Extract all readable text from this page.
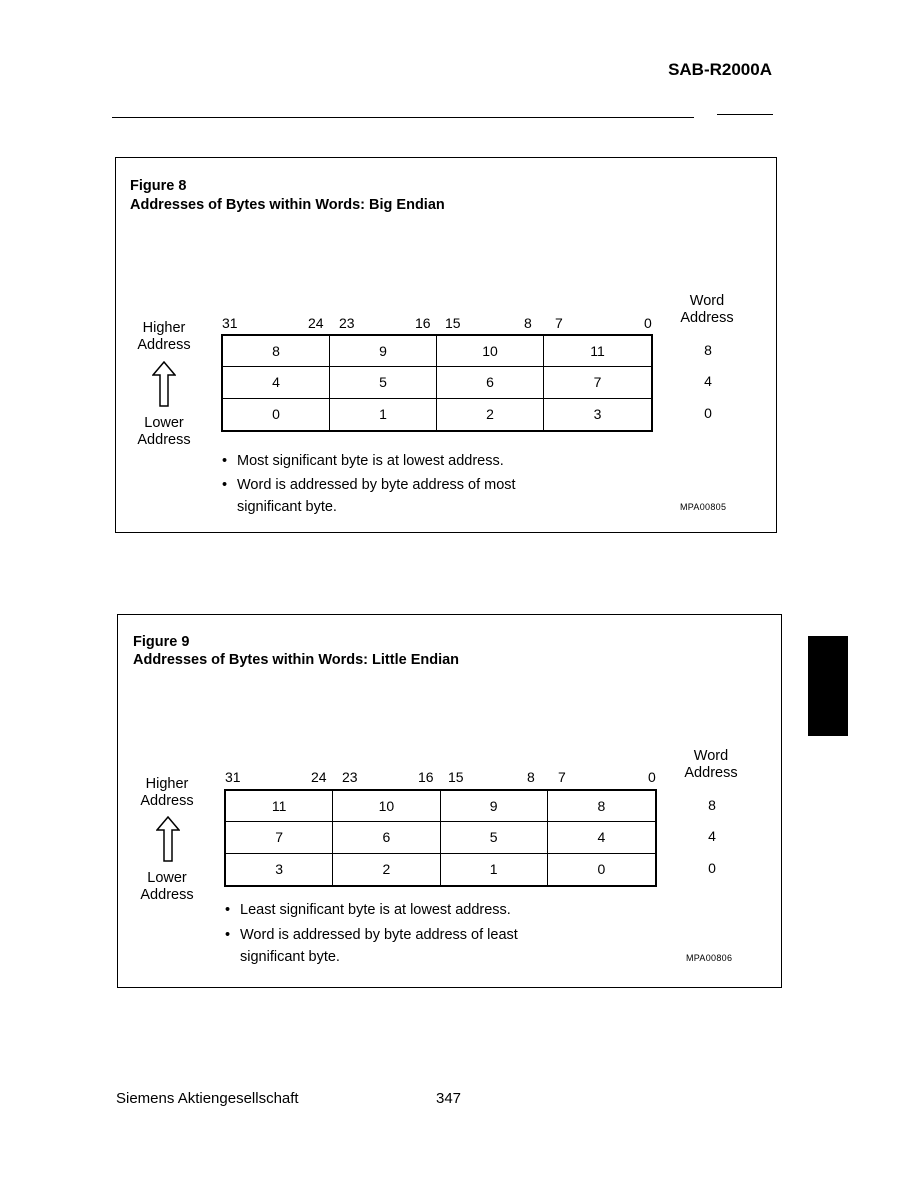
SAB-R2000A
Figure 8
Addresses of Bytes within Words: Big Endian
Higher
Address
Lower
Address
31	24 23	16 15	8 7	0
Word
Address
8	9	10	11
4	5	6	7
0	1	2	3
8
4
0
• Most significant byte is at lowest address.
• Word is addressed by byte address of most
significant byte.	MPA00805
Figure 9
Addresses of Bytes within Words: Little Endian
Higher
Address
Lower
Address
31	24 23	16 15	8 7	0
Word
Address
11	10	9	8
7	6	5	4
3	2	1	0
8
4
0
• Least significant byte is at lowest address.
• Word is addressed by byte address of least
significant byte.	MPA00806
Siemens Aktiengesellschaft	347
